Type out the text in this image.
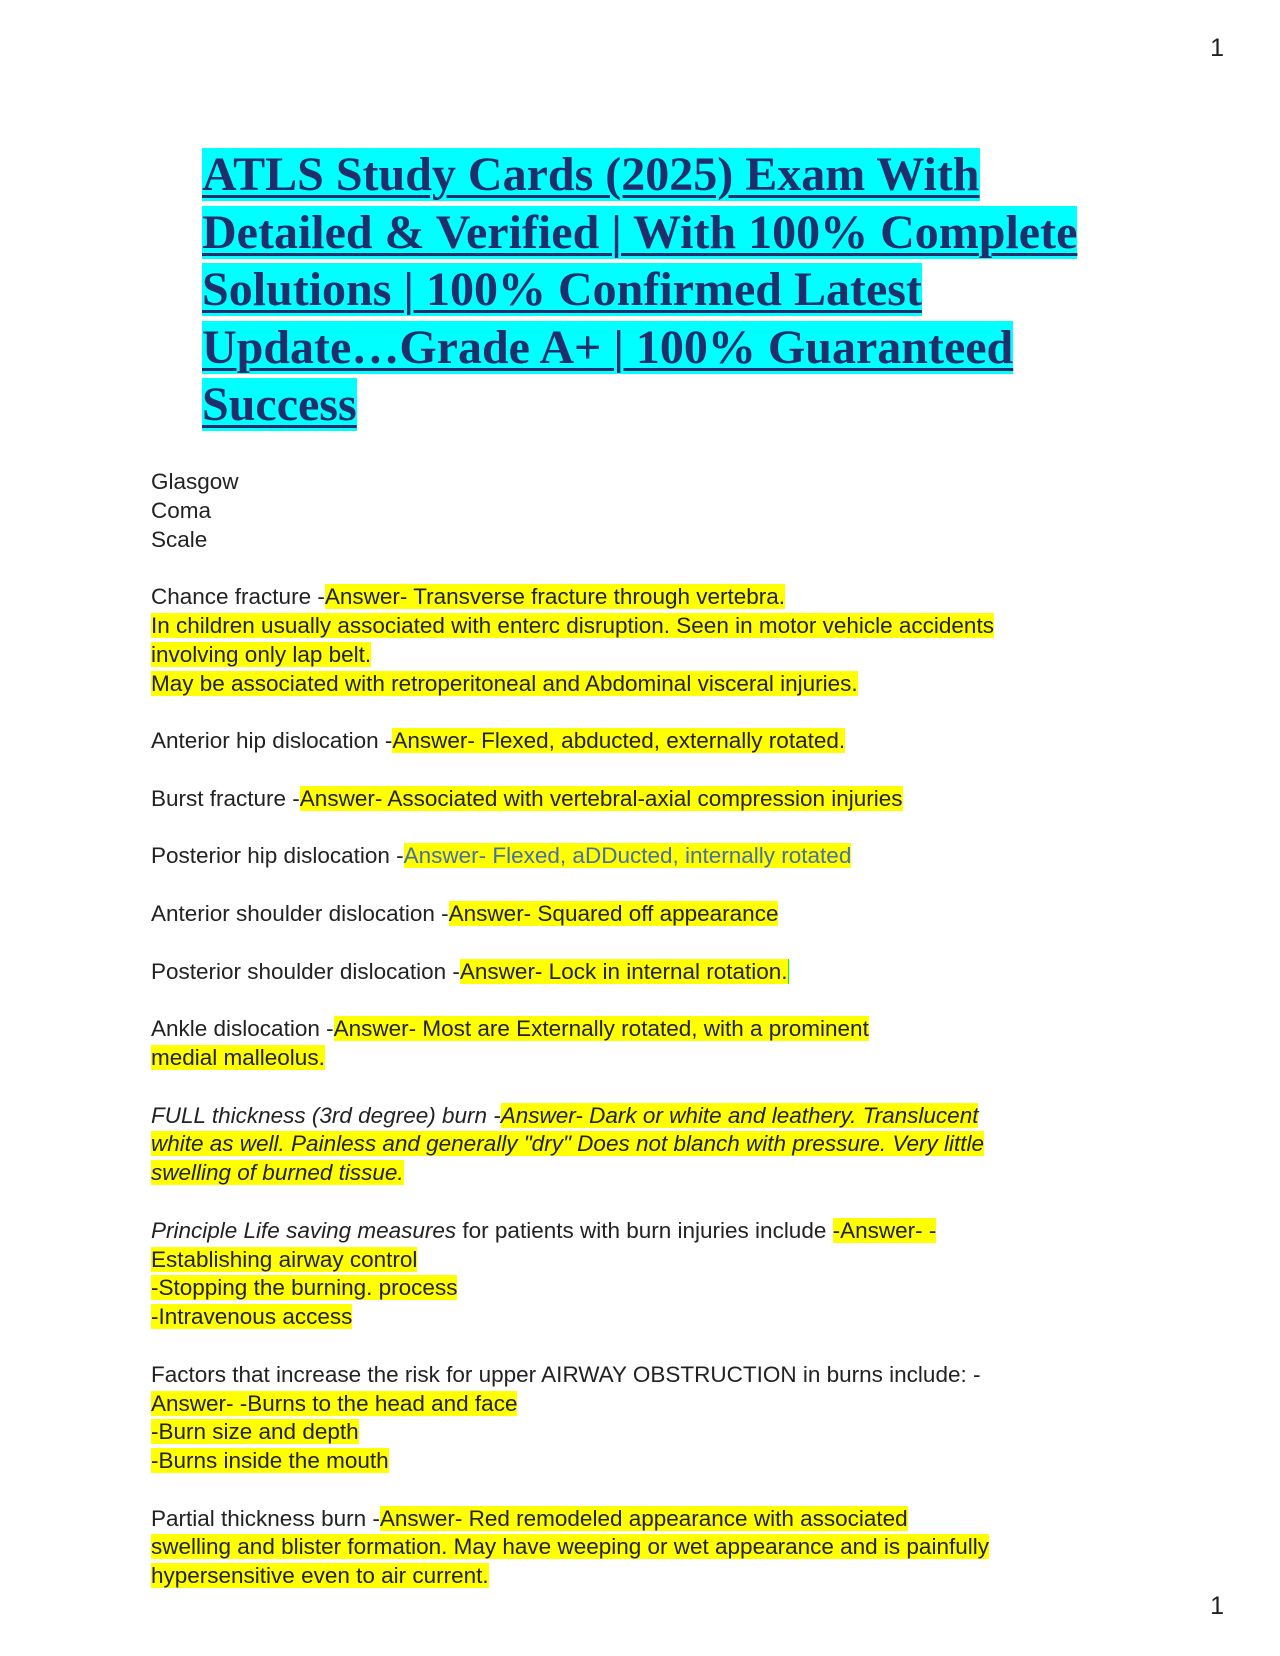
1
ATLS Study Cards (2025) Exam With
Detailed & Verified | With 100% Complete
Solutions | 100% Confirmed Latest
Update…Grade A+ | 100% Guaranteed
Success
Glasgow
Coma
Scale
Chance fracture -Answer- Transverse fracture through vertebra.
In children usually associated with enterc disruption. Seen in motor vehicle accidents
involving only lap belt.
May be associated with retroperitoneal and Abdominal visceral injuries.
Anterior hip dislocation -Answer- Flexed, abducted, externally rotated.
Burst fracture -Answer- Associated with vertebral-axial compression injuries
Posterior hip dislocation -Answer- Flexed, aDDucted, internally rotated
Anterior shoulder dislocation -Answer- Squared off appearance
Posterior shoulder dislocation -Answer- Lock in internal rotation. 
Ankle dislocation -Answer- Most are Externally rotated, with a prominent
medial malleolus.
FULL thickness (3rd degree) burn -Answer- Dark or white and leathery. Translucent
white as well. Painless and generally "dry" Does not blanch with pressure. Very little
swelling of burned tissue.
Principle Life saving measures for patients with burn injuries include -Answer- -
Establishing airway control
-Stopping the burning. process
-Intravenous access
Factors that increase the risk for upper AIRWAY OBSTRUCTION in burns include: -
Answer- -Burns to the head and face
-Burn size and depth
-Burns inside the mouth
Partial thickness burn -Answer- Red remodeled appearance with associated
swelling and blister formation. May have weeping or wet appearance and is painfully
hypersensitive even to air current.
1
